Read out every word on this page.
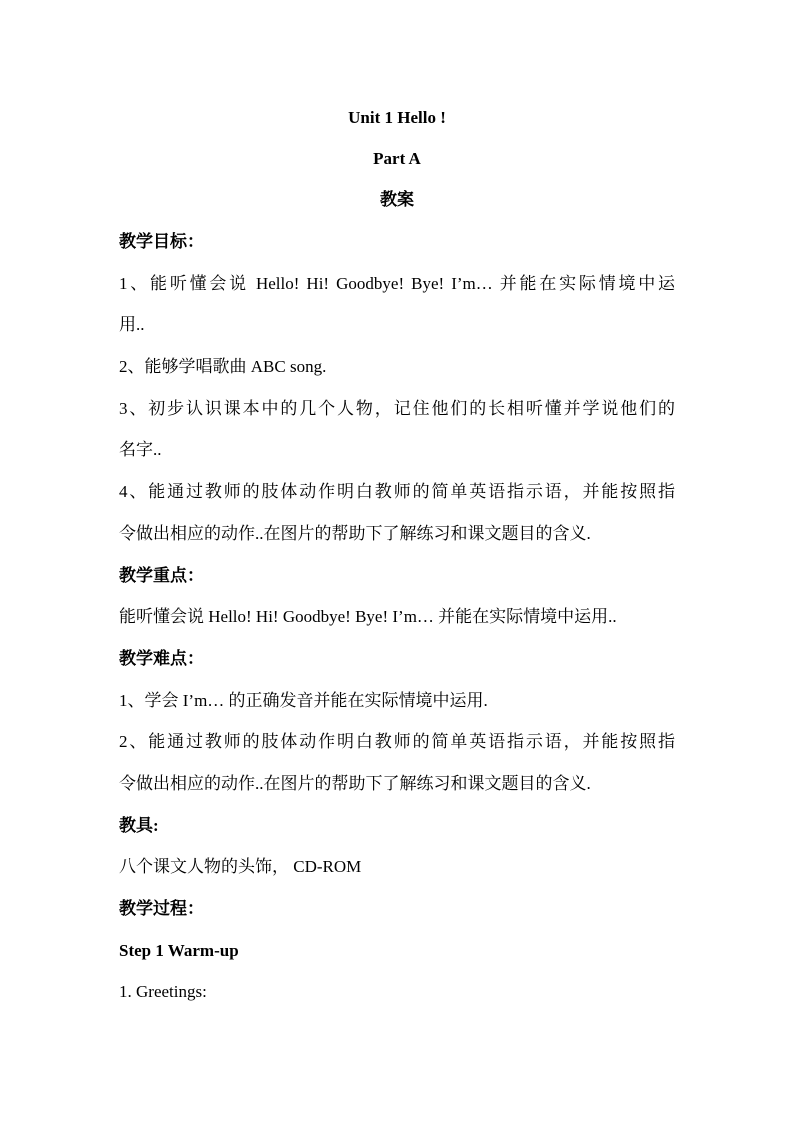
Unit 1 Hello !
Part A
教案
教学目标：
1、能听懂会说 Hello! Hi! Goodbye! Bye! I’m… 并能在实际情境中运
用..
2、能够学唱歌曲 ABC song.
3、初步认识课本中的几个人物，记住他们的长相听懂并学说他们的
名字..
4、能通过教师的肢体动作明白教师的简单英语指示语，并能按照指
令做出相应的动作..在图片的帮助下了解练习和课文题目的含义.
教学重点：
能听懂会说 Hello! Hi! Goodbye! Bye! I’m… 并能在实际情境中运用..
教学难点：
1、学会 I’m… 的正确发音并能在实际情境中运用.
2、能通过教师的肢体动作明白教师的简单英语指示语，并能按照指
令做出相应的动作..在图片的帮助下了解练习和课文题目的含义.
教具:
八个课文人物的头饰， CD-ROM
教学过程：
Step 1 Warm-up
1. Greetings:
